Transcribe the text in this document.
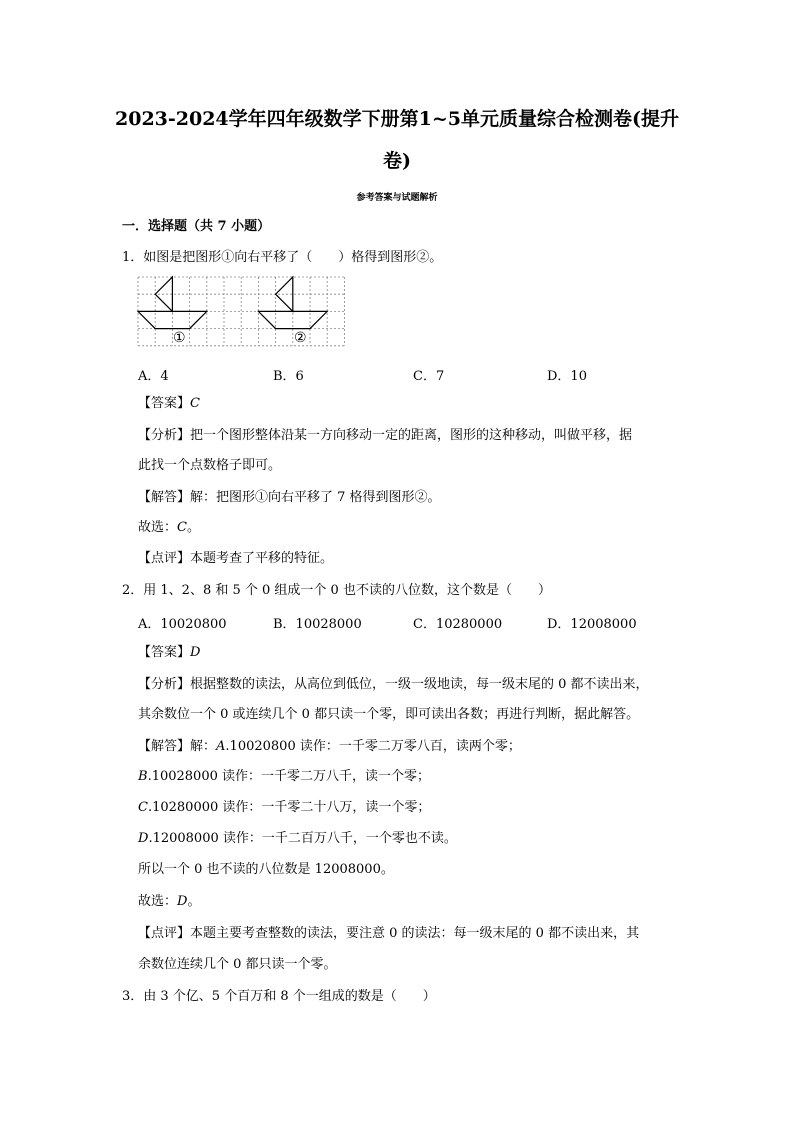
2023-2024学年四年级数学下册第1~5单元质量综合检测卷(提升
卷)
参考答案与试题解析
一．选择题（共 7 小题）
1．如图是把图形①向右平移了（　　）格得到图形②。
①	②
A．4	B．6	C．7	D．10
【答案】C
【分析】把一个图形整体沿某一方向移动一定的距离，图形的这种移动，叫做平移，据
此找一个点数格子即可。
【解答】解：把图形①向右平移了 7 格得到图形②。
故选：C。
【点评】本题考查了平移的特征。
2．用 1、2、8 和 5 个 0 组成一个 0 也不读的八位数，这个数是（　　）
A．10020800	B．10028000	C．10280000	D．12008000
【答案】D
【分析】根据整数的读法，从高位到低位，一级一级地读，每一级末尾的 0 都不读出来，
其余数位一个 0 或连续几个 0 都只读一个零，即可读出各数；再进行判断，据此解答。
【解答】解：A.10020800 读作：一千零二万零八百，读两个零；
B.10028000 读作：一千零二万八千，读一个零；
C.10280000 读作：一千零二十八万，读一个零；
D.12008000 读作：一千二百万八千，一个零也不读。
所以一个 0 也不读的八位数是 12008000。
故选：D。
【点评】本题主要考查整数的读法，要注意 0 的读法：每一级末尾的 0 都不读出来，其
余数位连续几个 0 都只读一个零。
3．由 3 个亿、5 个百万和 8 个一组成的数是（　　）
